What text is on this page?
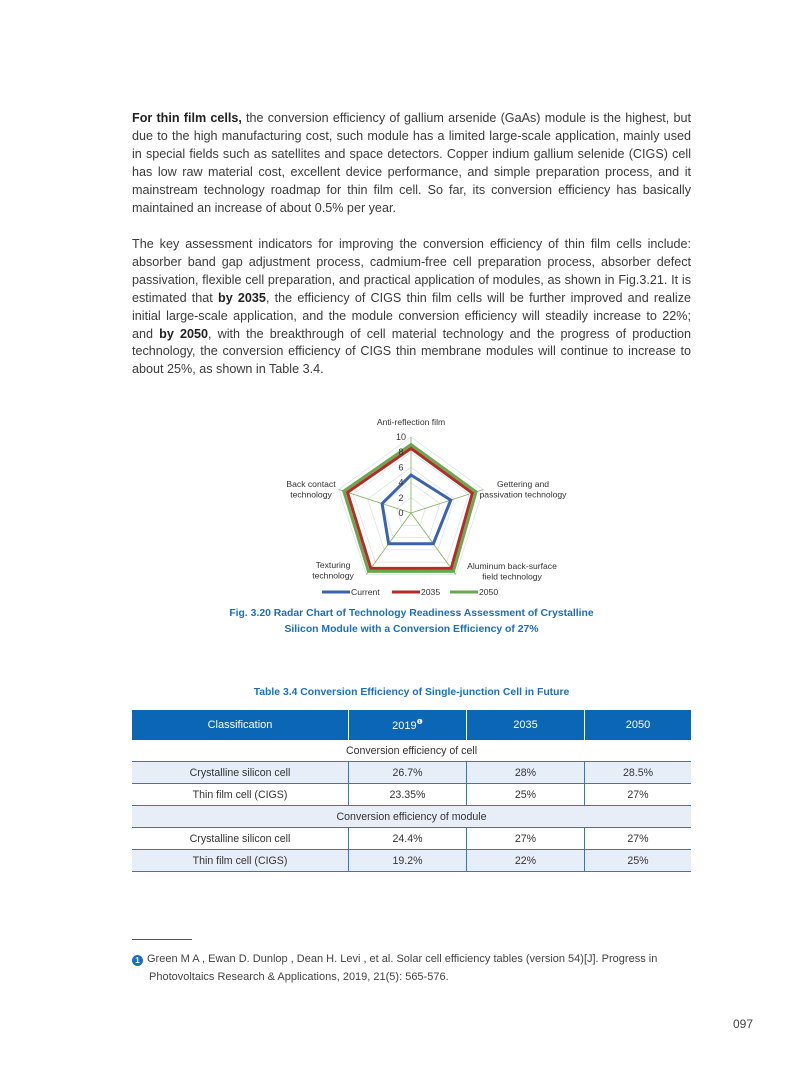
For thin film cells, the conversion efficiency of gallium arsenide (GaAs) module is the highest, but due to the high manufacturing cost, such module has a limited large-scale application, mainly used in special fields such as satellites and space detectors. Copper indium gallium selenide (CIGS) cell has low raw material cost, excellent device performance, and simple preparation process, and it mainstream technology roadmap for thin film cell. So far, its conversion efficiency has basically maintained an increase of about 0.5% per year.
The key assessment indicators for improving the conversion efficiency of thin film cells include: absorber band gap adjustment process, cadmium-free cell preparation process, absorber defect passivation, flexible cell preparation, and practical application of modules, as shown in Fig.3.21. It is estimated that by 2035, the efficiency of CIGS thin film cells will be further improved and realize initial large-scale application, and the module conversion efficiency will steadily increase to 22%; and by 2050, with the breakthrough of cell material technology and the progress of production technology, the conversion efficiency of CIGS thin membrane modules will continue to increase to about 25%, as shown in Table 3.4.
0
2
4
6
8
10
Anti-reflection film
Gettering and
passivation technology
Aluminum back-surface
field technology
Texturing
technology
Back contact
technology
Current	2035	2050
Fig. 3.20 Radar Chart of Technology Readiness Assessment of Crystalline
Silicon Module with a Conversion Efficiency of 27%
Table 3.4 Conversion Efficiency of Single-junction Cell in Future
Classification	2019$^❶$	2035	2050
Conversion efficiency of cell			
Crystalline silicon cell	26.7%	28%	28.5%
Thin film cell (CIGS)	23.35%	25%	27%
Conversion efficiency of module			
Crystalline silicon cell	24.4%	27%	27%
Thin film cell (CIGS)	19.2%	22%	25%
1 Green M A , Ewan D. Dunlop , Dean H. Levi , et al. Solar cell efficiency tables (version 54)[J]. Progress in
Photovoltaics Research & Applications, 2019, 21(5): 565-576.
097
